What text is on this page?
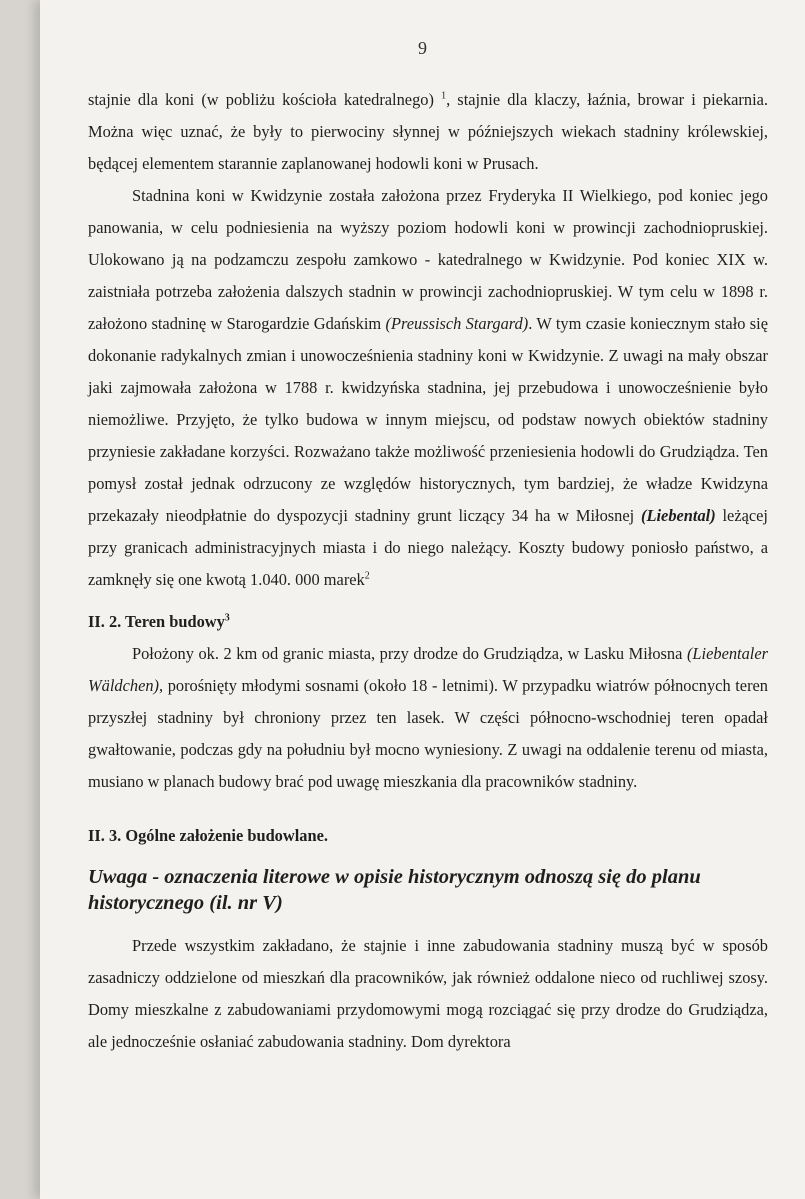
9

stajnie dla koni (w pobliżu kościoła katedralnego) $^1$, stajnie dla klaczy, łaźnia, browar i piekarnia. Można więc uznać, że były to pierwociny słynnej w późniejszych wiekach stadniny królewskiej, będącej elementem starannie zaplanowanej hodowli koni w Prusach.

Stadnina koni w Kwidzynie została założona przez Fryderyka II Wielkiego, pod koniec jego panowania, w celu podniesienia na wyższy poziom hodowli koni w prowincji zachodniopruskiej. Ulokowano ją na podzamczu zespołu zamkowo - katedralnego w Kwidzynie. Pod koniec XIX w. zaistniała potrzeba założenia dalszych stadnin w prowincji zachodniopruskiej. W tym celu w 1898 r. założono stadninę w Starogardzie Gdańskim (Preussisch Stargard). W tym czasie koniecznym stało się dokonanie radykalnych zmian i unowocześnienia stadniny koni w Kwidzynie. Z uwagi na mały obszar jaki zajmowała założona w 1788 r. kwidzyńska stadnina, jej przebudowa i unowocześnienie było niemożliwe. Przyjęto, że tylko budowa w innym miejscu, od podstaw nowych obiektów stadniny przyniesie zakładane korzyści. Rozważano także możliwość przeniesienia hodowli do Grudziądza. Ten pomysł został jednak odrzucony ze względów historycznych, tym bardziej, że władze Kwidzyna przekazały nieodpłatnie do dyspozycji stadniny grunt liczący 34 ha w Miłosnej (Liebental) leżącej przy granicach administracyjnych miasta i do niego należący. Koszty budowy poniosło państwo, a zamknęły się one kwotą 1.040. 000 marek$^2$

II. 2. Teren budowy$^3$

Położony ok. 2 km od granic miasta, przy drodze do Grudziądza, w Lasku Miłosna (Liebentaler Wäldchen), porośnięty młodymi sosnami (około 18 - letnimi). W przypadku wiatrów północnych teren przyszłej stadniny był chroniony przez ten lasek. W części północno-wschodniej teren opadał gwałtowanie, podczas gdy na południu był mocno wyniesiony. Z uwagi na oddalenie terenu od miasta, musiano w planach budowy brać pod uwagę mieszkania dla pracowników stadniny.

II. 3. Ogólne założenie budowlane.
Uwaga - oznaczenia literowe w opisie historycznym odnoszą się do planu historycznego (il. nr V)

Przede wszystkim zakładano, że stajnie i inne zabudowania stadniny muszą być w sposób zasadniczy oddzielone od mieszkań dla pracowników, jak również oddalone nieco od ruchliwej szosy. Domy mieszkalne z zabudowaniami przydomowymi mogą rozciągać się przy drodze do Grudziądza, ale jednocześnie osłaniać zabudowania stadniny. Dom dyrektora
